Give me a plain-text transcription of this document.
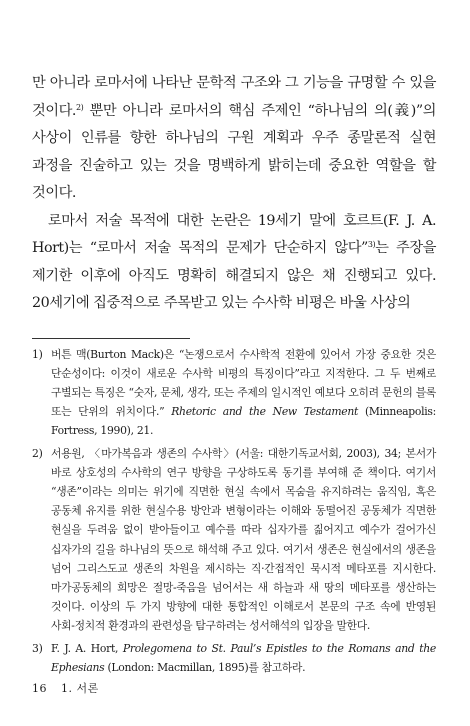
만 아니라 로마서에 나타난 문학적 구조와 그 기능을 규명할 수 있을 것이다.$^{2)}$ 뿐만 아니라 로마서의 핵심 주제인 “하나님의 의(義)”의 사상이 인류를 향한 하나님의 구원 계획과 우주 종말론적 실현 과정을 진술하고 있는 것을 명백하게 밝히는데 중요한 역할을 할 것이다.

로마서 저술 목적에 대한 논란은 19세기 말에 호르트(F. J. A. Hort)는 “로마서 저술 목적의 문제가 단순하지 않다”$^{3)}$는 주장을 제기한 이후에 아직도 명확히 해결되지 않은 채 진행되고 있다. 20세기에 집중적으로 주목받고 있는 수사학 비평은 바울 사상의

1) 버튼 맥(Burton Mack)은 “논쟁으로서 수사학적 전환에 있어서 가장 중요한 것은 단순성이다: 이것이 새로운 수사학 비평의 특징이다”라고 지적한다. 그 두 번째로 구별되는 특징은 “숫자, 문체, 생각, 또는 주제의 일시적인 예보다 오히려 문헌의 블록 또는 단위의 위치이다.” Rhetoric and the New Testament (Minneapolis: Fortress, 1990), 21.
2) 서용원, 〈마가복음과 생존의 수사학〉(서울: 대한기독교서회, 2003), 34; 본서가 바로 상호성의 수사학의 연구 방향을 구상하도록 동기를 부여해 준 책이다. 여기서 “생존”이라는 의미는 위기에 직면한 현실 속에서 목숨을 유지하려는 움직임, 혹은 공동체 유지를 위한 현실수용 방안과 변형이라는 이해와 동떨어진 공동체가 직면한 현실을 두려움 없이 받아들이고 예수를 따라 십자가를 짊어지고 예수가 걸어가신 십자가의 길을 하나님의 뜻으로 해석해 주고 있다. 여기서 생존은 현실에서의 생존을 넘어 그리스도교 생존의 차원을 제시하는 직·간접적인 묵시적 메타포를 지시한다. 마가공동체의 희망은 절망-죽음을 넘어서는 새 하늘과 새 땅의 메타포를 생산하는 것이다. 이상의 두 가지 방향에 대한 통합적인 이해로서 본문의 구조 속에 반영된 사회-정치적 환경과의 관련성을 탐구하려는 성서해석의 입장을 말한다.
3) F. J. A. Hort, Prolegomena to St. Paul’s Epistles to the Romans and the Ephesians (London: Macmillan, 1895)를 참고하라.
16 1. 서론
